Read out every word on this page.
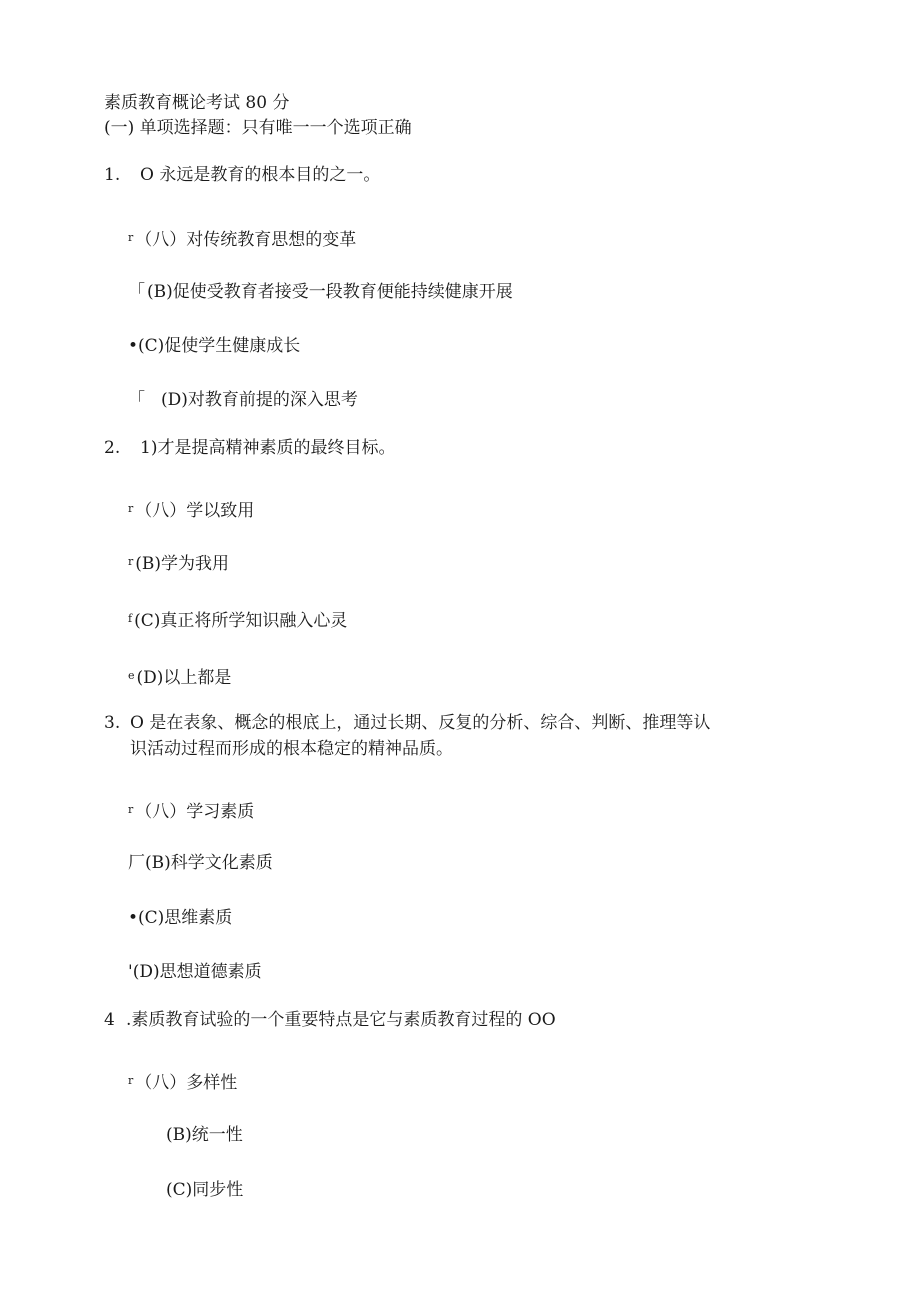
素质教育概论考试 80 分
(一) 单项选择题：只有唯一一个选项正确
1. O 永远是教育的根本目的之一。
$^r$ （八）对传统教育思想的变革
「 (B)促使受教育者接受一段教育便能持续健康开展
•(C)促使学生健康成长
「 (D)对教育前提的深入思考
2. 1)才是提高精神素质的最终目标。
$^r$ （八）学以致用
$^r$ (B)学为我用
$^f$ (C)真正将所学知识融入心灵
$^e$ (D)以上都是
3. O 是在表象、概念的根底上，通过长期、反复的分析、综合、判断、推理等认
识活动过程而形成的根本稳定的精神品质。
$^r$ （八）学习素质
厂(B)科学文化素质
•(C)思维素质
'(D)思想道德素质
4 .素质教育试验的一个重要特点是它与素质教育过程的 OO
$^r$ （八）多样性
(B)统一性
(C)同步性
